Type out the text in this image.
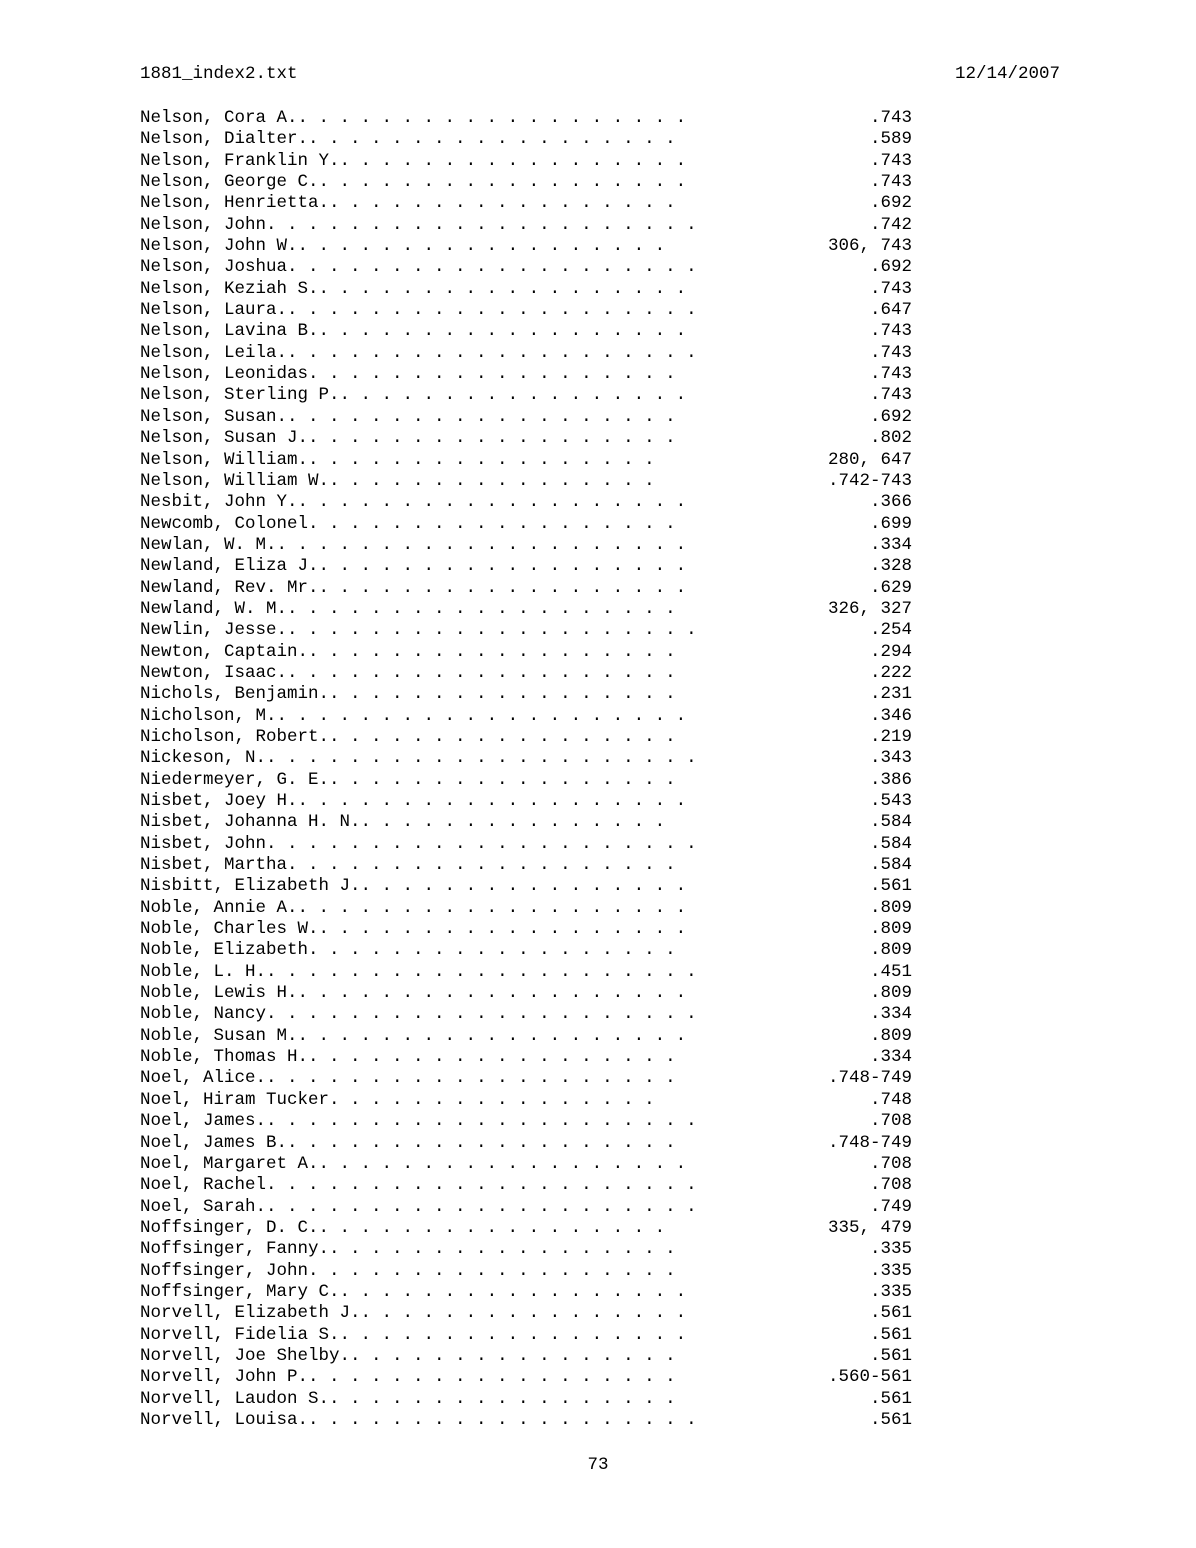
1881_index2.txt	12/14/2007
Nelson, Cora A. . . . . . . . . . . . . . . . . . . .	.743
Nelson, Dialter. . . . . . . . . . . . . . . . . . .	.589
Nelson, Franklin Y. . . . . . . . . . . . . . . . . .	.743
Nelson, George C. . . . . . . . . . . . . . . . . . .	.743
Nelson, Henrietta. . . . . . . . . . . . . . . . . .	.692
Nelson, John . . . . . . . . . . . . . . . . . . . . .	.742
Nelson, John W. . . . . . . . . . . . . . . . . . .	306, 743
Nelson, Joshua . . . . . . . . . . . . . . . . . . . .	.692
Nelson, Keziah S. . . . . . . . . . . . . . . . . . .	.743
Nelson, Laura. . . . . . . . . . . . . . . . . . . . .	.647
Nelson, Lavina B. . . . . . . . . . . . . . . . . . .	.743
Nelson, Leila. . . . . . . . . . . . . . . . . . . . .	.743
Nelson, Leonidas . . . . . . . . . . . . . . . . . .	.743
Nelson, Sterling P. . . . . . . . . . . . . . . . . .	.743
Nelson, Susan. . . . . . . . . . . . . . . . . . . .	.692
Nelson, Susan J. . . . . . . . . . . . . . . . . . .	.802
Nelson, William. . . . . . . . . . . . . . . . . .	280, 647
Nelson, William W. . . . . . . . . . . . . . . . .	.742-743
Nesbit, John Y. . . . . . . . . . . . . . . . . . . .	.366
Newcomb, Colonel . . . . . . . . . . . . . . . . . .	.699
Newlan, W. M. . . . . . . . . . . . . . . . . . . . .	.334
Newland, Eliza J. . . . . . . . . . . . . . . . . . .	.328
Newland, Rev. Mr. . . . . . . . . . . . . . . . . . .	.629
Newland, W. M. . . . . . . . . . . . . . . . . . . .	326, 327
Newlin, Jesse. . . . . . . . . . . . . . . . . . . . .	.254
Newton, Captain. . . . . . . . . . . . . . . . . . .	.294
Newton, Isaac. . . . . . . . . . . . . . . . . . . .	.222
Nichols, Benjamin. . . . . . . . . . . . . . . . . .	.231
Nicholson, M. . . . . . . . . . . . . . . . . . . . .	.346
Nicholson, Robert. . . . . . . . . . . . . . . . . .	.219
Nickeson, N. . . . . . . . . . . . . . . . . . . . . .	.343
Niedermeyer, G. E. . . . . . . . . . . . . . . . . .	.386
Nisbet, Joey H. . . . . . . . . . . . . . . . . . . .	.543
Nisbet, Johanna H. N. . . . . . . . . . . . . . . .	.584
Nisbet, John . . . . . . . . . . . . . . . . . . . . .	.584
Nisbet, Martha . . . . . . . . . . . . . . . . . . .	.584
Nisbitt, Elizabeth J. . . . . . . . . . . . . . . . .	.561
Noble, Annie A. . . . . . . . . . . . . . . . . . . .	.809
Noble, Charles W. . . . . . . . . . . . . . . . . . .	.809
Noble, Elizabeth . . . . . . . . . . . . . . . . . .	.809
Noble, L. H. . . . . . . . . . . . . . . . . . . . . .	.451
Noble, Lewis H. . . . . . . . . . . . . . . . . . . .	.809
Noble, Nancy . . . . . . . . . . . . . . . . . . . . .	.334
Noble, Susan M. . . . . . . . . . . . . . . . . . . .	.809
Noble, Thomas H. . . . . . . . . . . . . . . . . . .	.334
Noel, Alice. . . . . . . . . . . . . . . . . . . . .	.748-749
Noel, Hiram Tucker . . . . . . . . . . . . . . . .	.748
Noel, James. . . . . . . . . . . . . . . . . . . . . .	.708
Noel, James B. . . . . . . . . . . . . . . . . . . .	.748-749
Noel, Margaret A. . . . . . . . . . . . . . . . . . .	.708
Noel, Rachel . . . . . . . . . . . . . . . . . . . . .	.708
Noel, Sarah. . . . . . . . . . . . . . . . . . . . . .	.749
Noffsinger, D. C. . . . . . . . . . . . . . . . . .	335, 479
Noffsinger, Fanny. . . . . . . . . . . . . . . . . .	.335
Noffsinger, John . . . . . . . . . . . . . . . . . .	.335
Noffsinger, Mary C. . . . . . . . . . . . . . . . . .	.335
Norvell, Elizabeth J. . . . . . . . . . . . . . . . .	.561
Norvell, Fidelia S. . . . . . . . . . . . . . . . . .	.561
Norvell, Joe Shelby. . . . . . . . . . . . . . . . .	.561
Norvell, John P. . . . . . . . . . . . . . . . . . .	.560-561
Norvell, Laudon S. . . . . . . . . . . . . . . . . .	.561
Norvell, Louisa. . . . . . . . . . . . . . . . . . . .	.561
73
